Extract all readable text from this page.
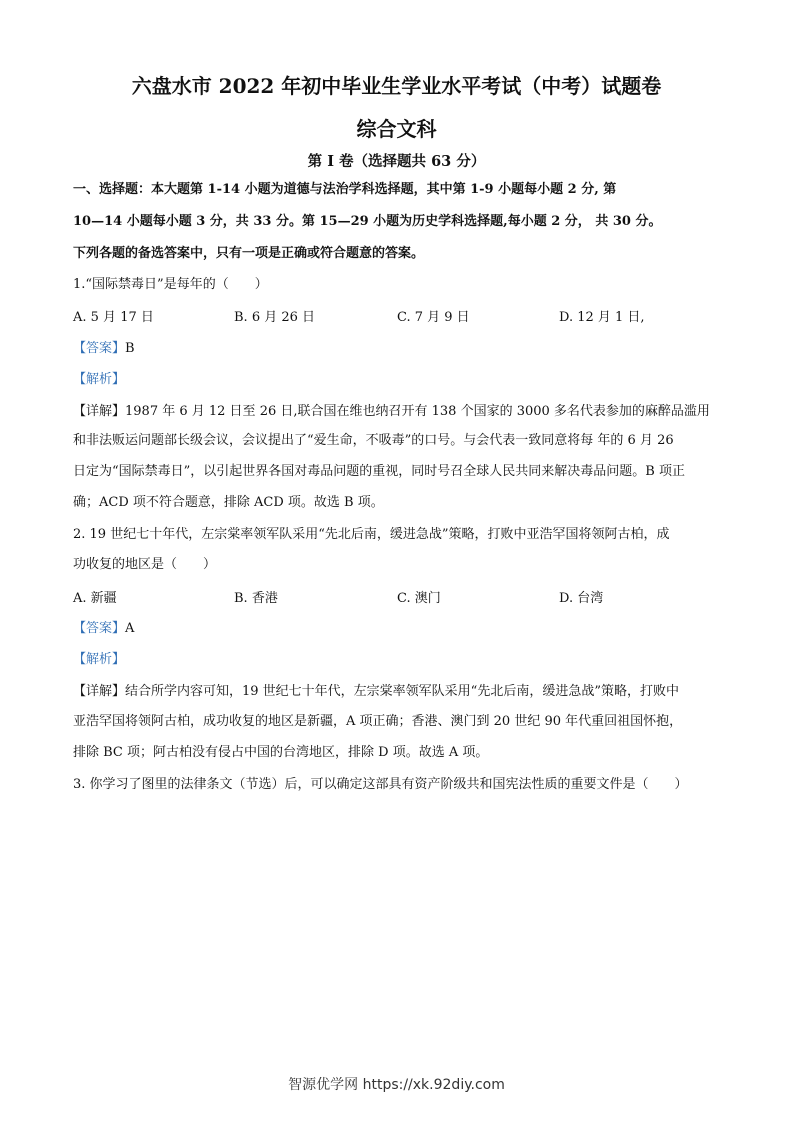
六盘水市 2022 年初中毕业生学业水平考试（中考）试题卷
综合文科
第 I 卷（选择题共 63 分）
一、选择题：本大题第 1-14 小题为道德与法治学科选择题，其中第 1-9 小题每小题 2 分, 第
10—14 小题每小题 3 分，共 33 分。第 15—29 小题为历史学科选择题,每小题 2 分， 共 30 分。
下列各题的备选答案中，只有一项是正确或符合题意的答案。
1.“国际禁毒日”是每年的（　　）
A. 5 月 17 日	B. 6 月 26 日	C. 7 月 9 日	D. 12 月 1 日,
【答案】B
【解析】
【详解】1987 年 6 月 12 日至 26 日,联合国在维也纳召开有 138 个国家的 3000 多名代表参加的麻醉品滥用
和非法贩运问题部长级会议，会议提出了“爱生命，不吸毒”的口号。与会代表一致同意将每 年的 6 月 26
日定为“国际禁毒日”，以引起世界各国对毒品问题的重视，同时号召全球人民共同来解决毒品问题。B 项正
确；ACD 项不符合题意，排除 ACD 项。故选 B 项。
2. 19 世纪七十年代，左宗棠率领军队采用“先北后南，缓进急战”策略，打败中亚浩罕国将领阿古柏，成
功收复的地区是（　　）
A. 新疆	B. 香港	C. 澳门	D. 台湾
【答案】A
【解析】
【详解】结合所学内容可知，19 世纪七十年代，左宗棠率领军队采用“先北后南，缓进急战”策略，打败中
亚浩罕国将领阿古柏，成功收复的地区是新疆，A 项正确；香港、澳门到 20 世纪 90 年代重回祖国怀抱，
排除 BC 项；阿古柏没有侵占中国的台湾地区，排除 D 项。故选 A 项。
3. 你学习了图里的法律条文（节选）后，可以确定这部具有资产阶级共和国宪法性质的重要文件是（　　）
智源优学网 https://xk.92diy.com
